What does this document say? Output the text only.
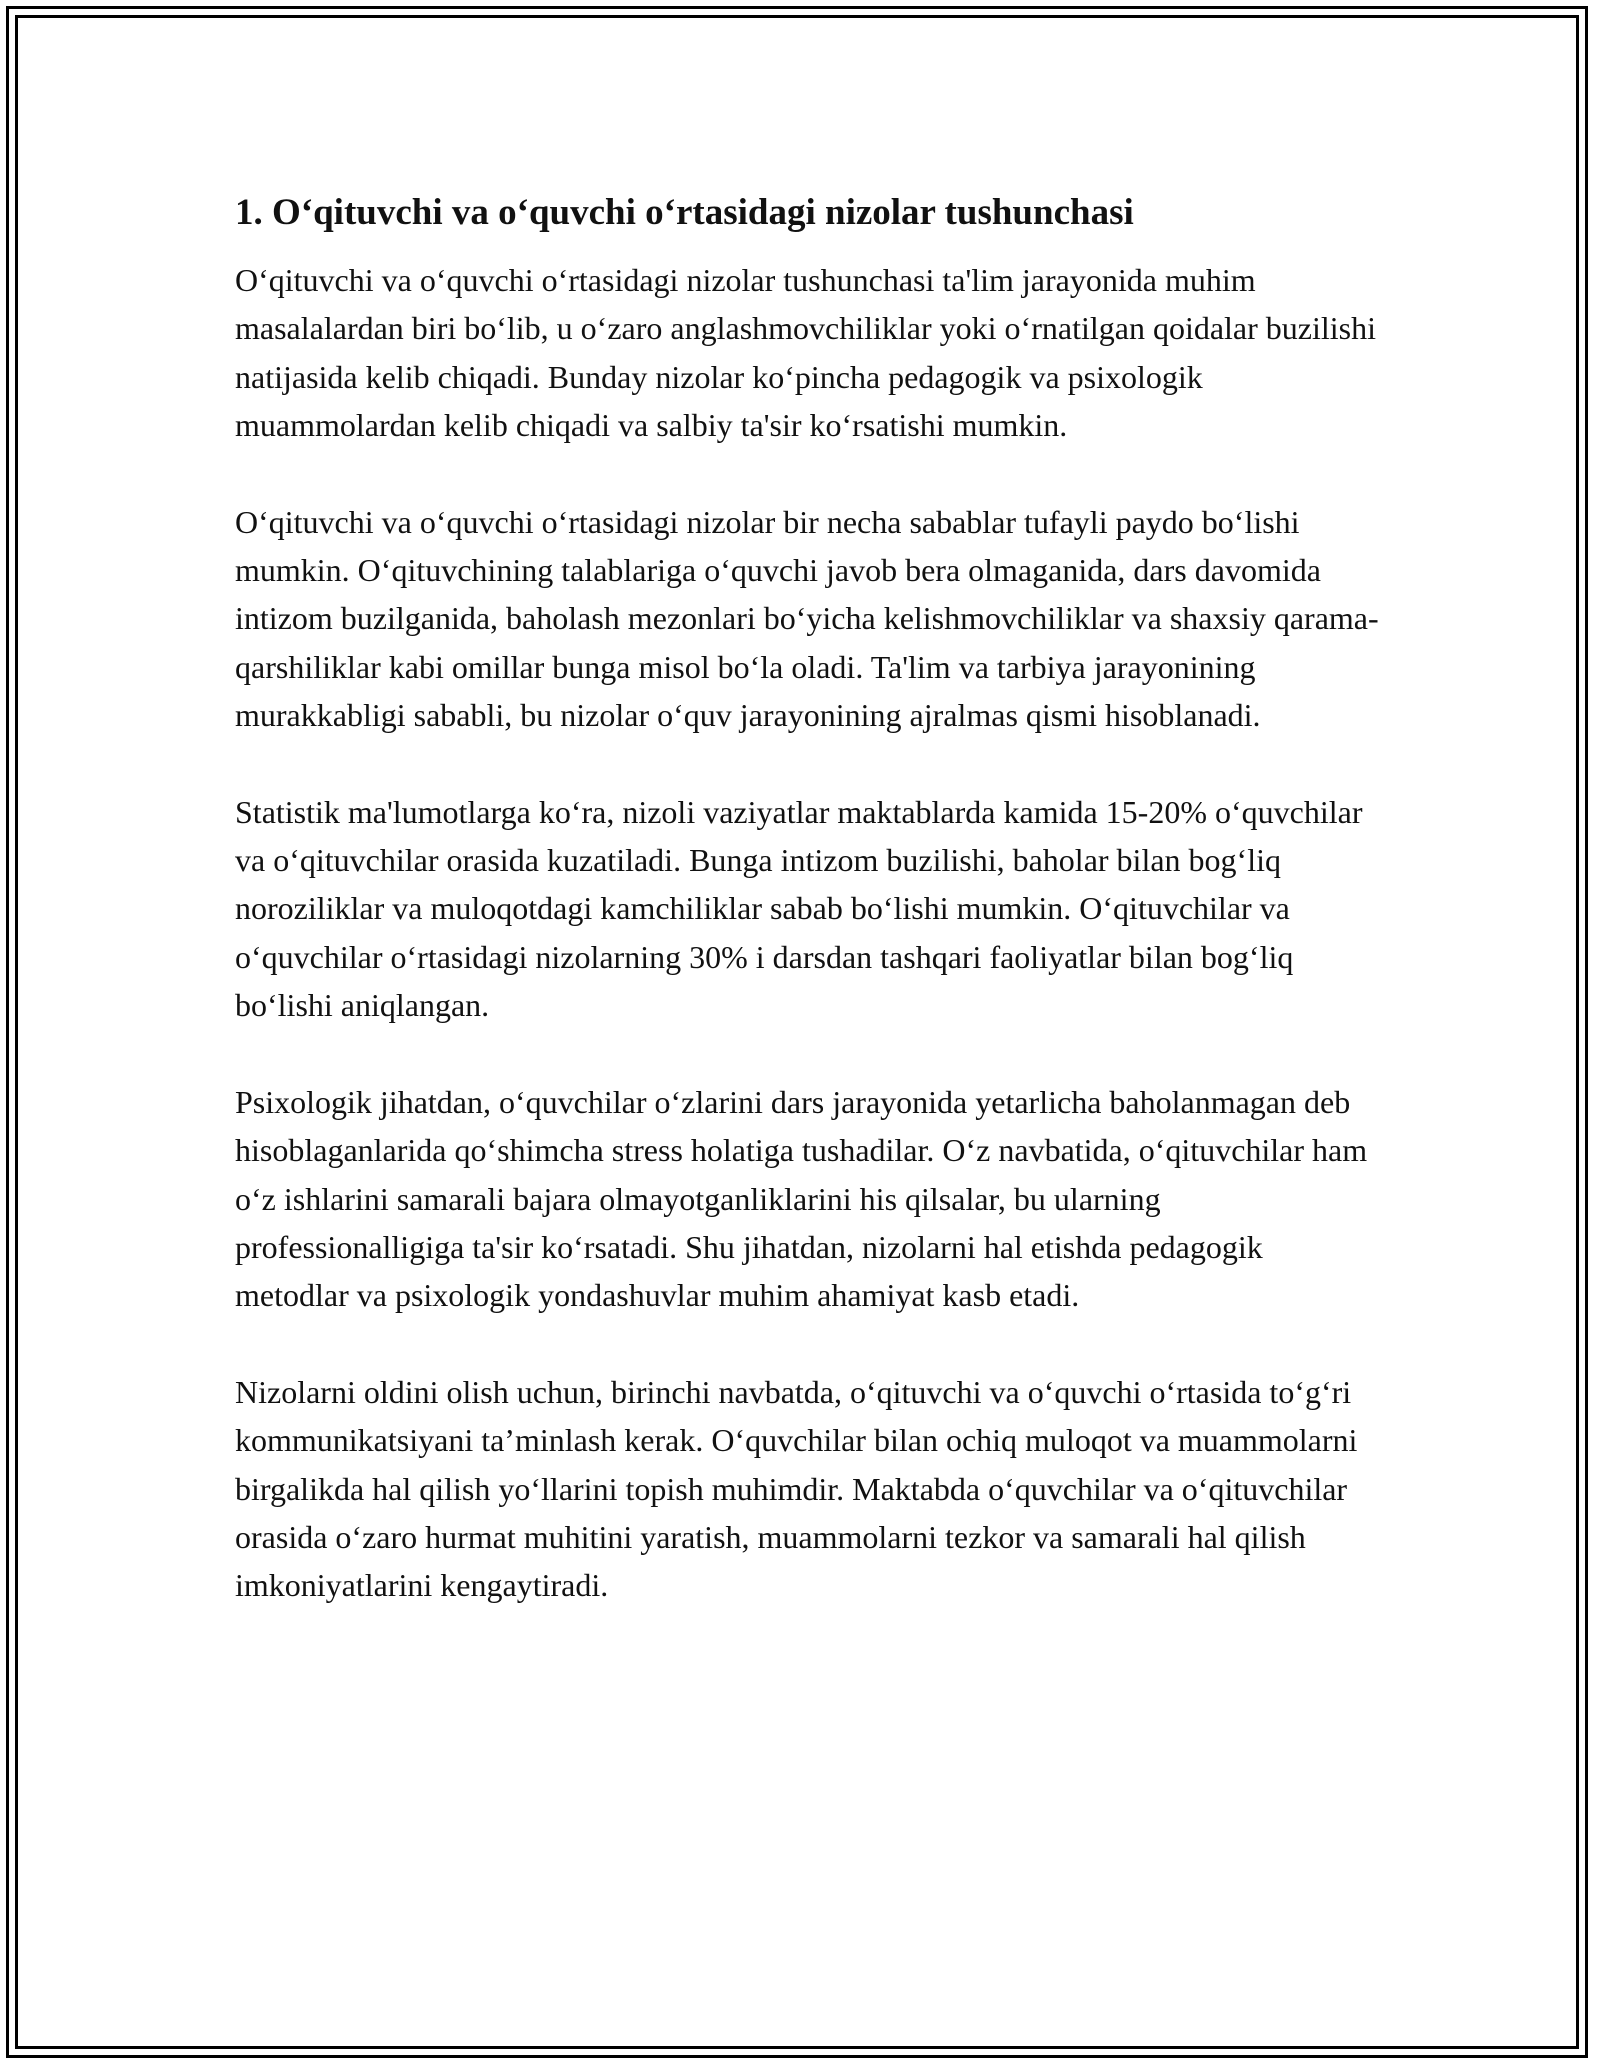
1. O‘qituvchi va o‘quvchi o‘rtasidagi nizolar tushunchasi

O‘qituvchi va o‘quvchi o‘rtasidagi nizolar tushunchasi ta'lim jarayonida muhim masalalardan biri bo‘lib, u o‘zaro anglashmovchiliklar yoki o‘rnatilgan qoidalar buzilishi natijasida kelib chiqadi. Bunday nizolar ko‘pincha pedagogik va psixologik muammolardan kelib chiqadi va salbiy ta'sir ko‘rsatishi mumkin.

O‘qituvchi va o‘quvchi o‘rtasidagi nizolar bir necha sabablar tufayli paydo bo‘lishi mumkin. O‘qituvchining talablariga o‘quvchi javob bera olmaganida, dars davomida intizom buzilganida, baholash mezonlari bo‘yicha kelishmovchiliklar va shaxsiy qarama-qarshiliklar kabi omillar bunga misol bo‘la oladi. Ta'lim va tarbiya jarayonining murakkabligi sababli, bu nizolar o‘quv jarayonining ajralmas qismi hisoblanadi.

Statistik ma'lumotlarga ko‘ra, nizoli vaziyatlar maktablarda kamida 15-20% o‘quvchilar va o‘qituvchilar orasida kuzatiladi. Bunga intizom buzilishi, baholar bilan bog‘liq noroziliklar va muloqotdagi kamchiliklar sabab bo‘lishi mumkin. O‘qituvchilar va o‘quvchilar o‘rtasidagi nizolarning 30% i darsdan tashqari faoliyatlar bilan bog‘liq bo‘lishi aniqlangan.

Psixologik jihatdan, o‘quvchilar o‘zlarini dars jarayonida yetarlicha baholanmagan deb hisoblaganlarida qo‘shimcha stress holatiga tushadilar. O‘z navbatida, o‘qituvchilar ham o‘z ishlarini samarali bajara olmayotganliklarini his qilsalar, bu ularning professionalligiga ta'sir ko‘rsatadi. Shu jihatdan, nizolarni hal etishda pedagogik metodlar va psixologik yondashuvlar muhim ahamiyat kasb etadi.

Nizolarni oldini olish uchun, birinchi navbatda, o‘qituvchi va o‘quvchi o‘rtasida to‘g‘ri kommunikatsiyani ta’minlash kerak. O‘quvchilar bilan ochiq muloqot va muammolarni birgalikda hal qilish yo‘llarini topish muhimdir. Maktabda o‘quvchilar va o‘qituvchilar orasida o‘zaro hurmat muhitini yaratish, muammolarni tezkor va samarali hal qilish imkoniyatlarini kengaytiradi.
